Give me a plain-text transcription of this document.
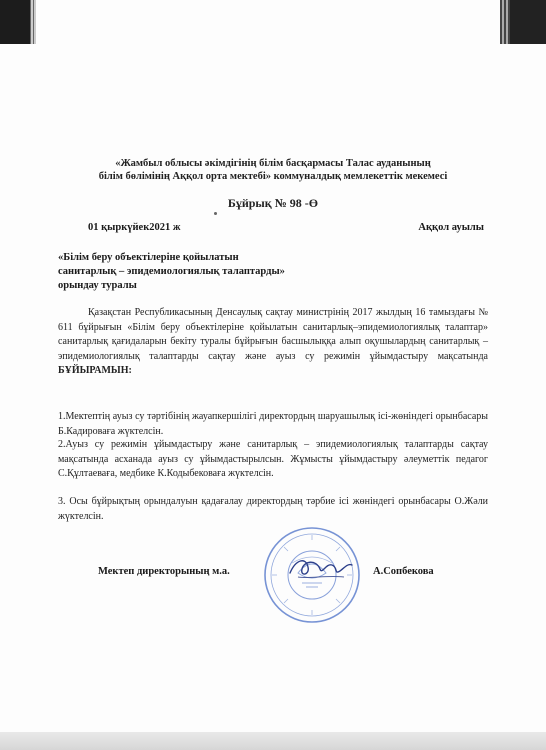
«Жамбыл облысы әкімдігінің білім басқармасы Талас ауданының
білім бөлімінің Аққол орта мектебі» коммуналдық мемлекеттік мекемесі
Бұйрық № 98 -Ө
01 қыркүйек2021 ж	Аққол ауылы
«Білім беру объектілеріне қойылатын
санитарлық – эпидемиологиялық талаптарды»
орындау туралы
Қазақстан Республикасының Денсаулық сақтау министрінің 2017 жылдың 16 тамыздағы № 611 бұйрығын «Білім беру объектілеріне қойылатын санитарлық–эпидемиологиялық талаптар» санитарлық қағидаларын бекіту туралы бұйрығын басшылыққа алып оқушылардың санитарлық – эпидемиологиялық талаптарды сақтау және ауыз су режимін ұйымдастыру мақсатында БҰЙЫРАМЫН:
1.Мектептің ауыз су тәртібінің жауапкершілігі директордың шаруашылық ісі-жөніндегі орынбасары Б.Кадироваға жүктелсін.
2.Ауыз су режимін ұйымдастыру және санитарлық – эпидемиологиялық талаптарды сақтау мақсатында асханада ауыз су ұйымдастырылсын. Жұмысты ұйымдастыру әлеуметтік педагог С.Құлтаеваға, медбике К.Кодыбековаға жүктелсін.
3. Осы бұйрықтың орындалуын қадағалау директордың тәрбие ісі жөніндегі орынбасары О.Жәли жүктелсін.
Мектеп директорының м.а.	А.Сопбекова
